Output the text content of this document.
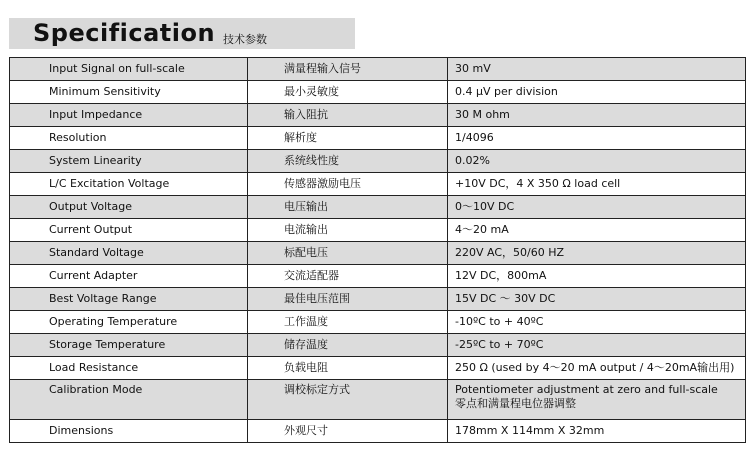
Specification 技术参数
Input Signal on full-scale	满量程输入信号	30 mV
Minimum Sensitivity	最小灵敏度	0.4 μV per division
Input Impedance	输入阻抗	30 M ohm
Resolution	解析度	1/4096
System Linearity	系统线性度	0.02%
L/C Excitation Voltage	传感器激励电压	+10V DC，4 X 350 Ω load cell
Output Voltage	电压输出	0～10V DC
Current Output	电流输出	4～20 mA
Standard Voltage	标配电压	220V AC，50/60 HZ
Current Adapter	交流适配器	12V DC，800mA
Best Voltage Range	最佳电压范围	15V DC ～ 30V DC
Operating Temperature	工作温度	-10ºC to + 40ºC
Storage Temperature	储存温度	-25ºC to + 70ºC
Load Resistance	负载电阻	250 Ω (used by 4～20 mA output / 4～20mA输出用)
Calibration Mode	调校标定方式	Potentiometer adjustment at zero and full-scale
零点和满量程电位器调整

Dimensions	外观尺寸	178mm X 114mm X 32mm
